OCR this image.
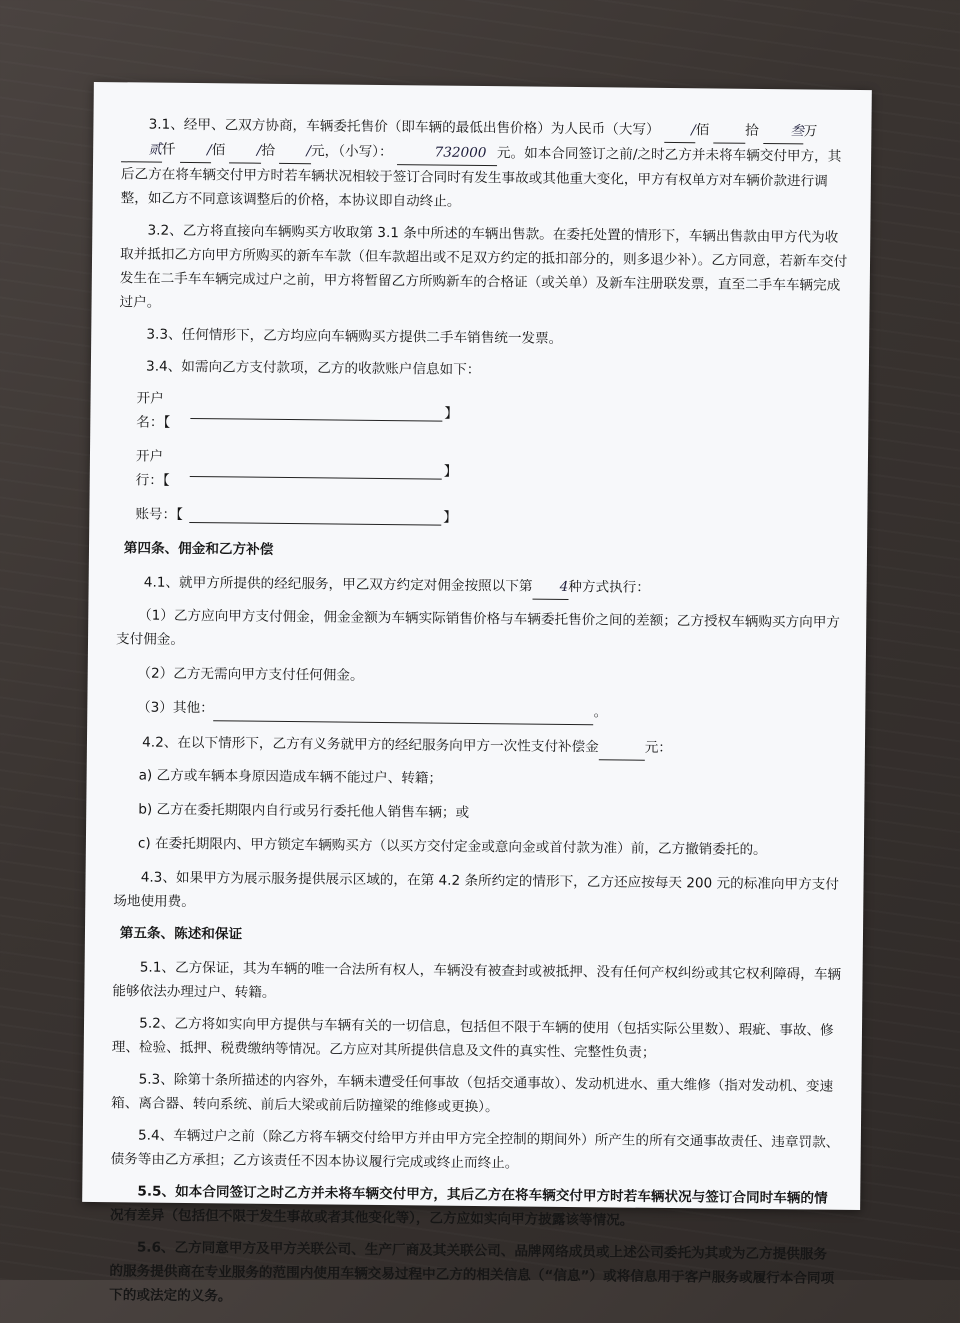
3.1、经甲、乙双方协商，车辆委托售价（即车辆的最低出售价格）为人民币（大写） /佰	拾 叁万 贰仟 /佰 /拾 /元，（小写）：	732000 元。如本合同签订之前/之时乙方并未将车辆交付甲方，其后乙方在将车辆交付甲方时若车辆状况相较于签订合同时有发生事故或其他重大变化，甲方有权单方对车辆价款进行调整，如乙方不同意该调整后的价格，本协议即自动终止。

3.2、乙方将直接向车辆购买方收取第 3.1 条中所述的车辆出售款。在委托处置的情形下，车辆出售款由甲方代为收取并抵扣乙方向甲方所购买的新车车款（但车款超出或不足双方约定的抵扣部分的，则多退少补）。乙方同意，若新车交付发生在二手车车辆完成过户之前，甲方将暂留乙方所购新车的合格证（或关单）及新车注册联发票，直至二手车车辆完成过户。

3.3、任何情形下，乙方均应向车辆购买方提供二手车销售统一发票。

3.4、如需向乙方支付款项，乙方的收款账户信息如下：

开户名：【
】
开户行：【
】
账号：【	】
第四条、佣金和乙方补偿

4.1、就甲方所提供的经纪服务，甲乙双方约定对佣金按照以下第 4种方式执行：

（1）乙方应向甲方支付佣金，佣金金额为车辆实际销售价格与车辆委托售价之间的差额；乙方授权车辆购买方向甲方支付佣金。

（2）乙方无需向甲方支付任何佣金。

（3）其他：	。

4.2、在以下情形下，乙方有义务就甲方的经纪服务向甲方一次性支付补偿金	元：

a) 乙方或车辆本身原因造成车辆不能过户、转籍；
b) 乙方在委托期限内自行或另行委托他人销售车辆；或
c) 在委托期限内、甲方锁定车辆购买方（以买方交付定金或意向金或首付款为准）前，乙方撤销委托的。

4.3、如果甲方为展示服务提供展示区域的，在第 4.2 条所约定的情形下，乙方还应按每天 200 元的标准向甲方支付场地使用费。

第五条、陈述和保证

5.1、乙方保证，其为车辆的唯一合法所有权人，车辆没有被查封或被抵押、没有任何产权纠纷或其它权利障碍，车辆能够依法办理过户、转籍。

5.2、乙方将如实向甲方提供与车辆有关的一切信息，包括但不限于车辆的使用（包括实际公里数）、瑕疵、事故、修理、检验、抵押、税费缴纳等情况。乙方应对其所提供信息及文件的真实性、完整性负责；

5.3、除第十条所描述的内容外，车辆未遭受任何事故（包括交通事故）、发动机进水、重大维修（指对发动机、变速箱、离合器、转向系统、前后大梁或前后防撞梁的维修或更换）。

5.4、车辆过户之前（除乙方将车辆交付给甲方并由甲方完全控制的期间外）所产生的所有交通事故责任、违章罚款、债务等由乙方承担；乙方该责任不因本协议履行完成或终止而终止。

5.5、如本合同签订之时乙方并未将车辆交付甲方，其后乙方在将车辆交付甲方时若车辆状况与签订合同时车辆的情况有差异（包括但不限于发生事故或者其他变化等），乙方应如实向甲方披露该等情况。

5.6、乙方同意甲方及甲方关联公司、生产厂商及其关联公司、品牌网络成员或上述公司委托为其或为乙方提供服务的服务提供商在专业服务的范围内使用车辆交易过程中乙方的相关信息（“信息”）或将信息用于客户服务或履行本合同项下的或法定的义务。
